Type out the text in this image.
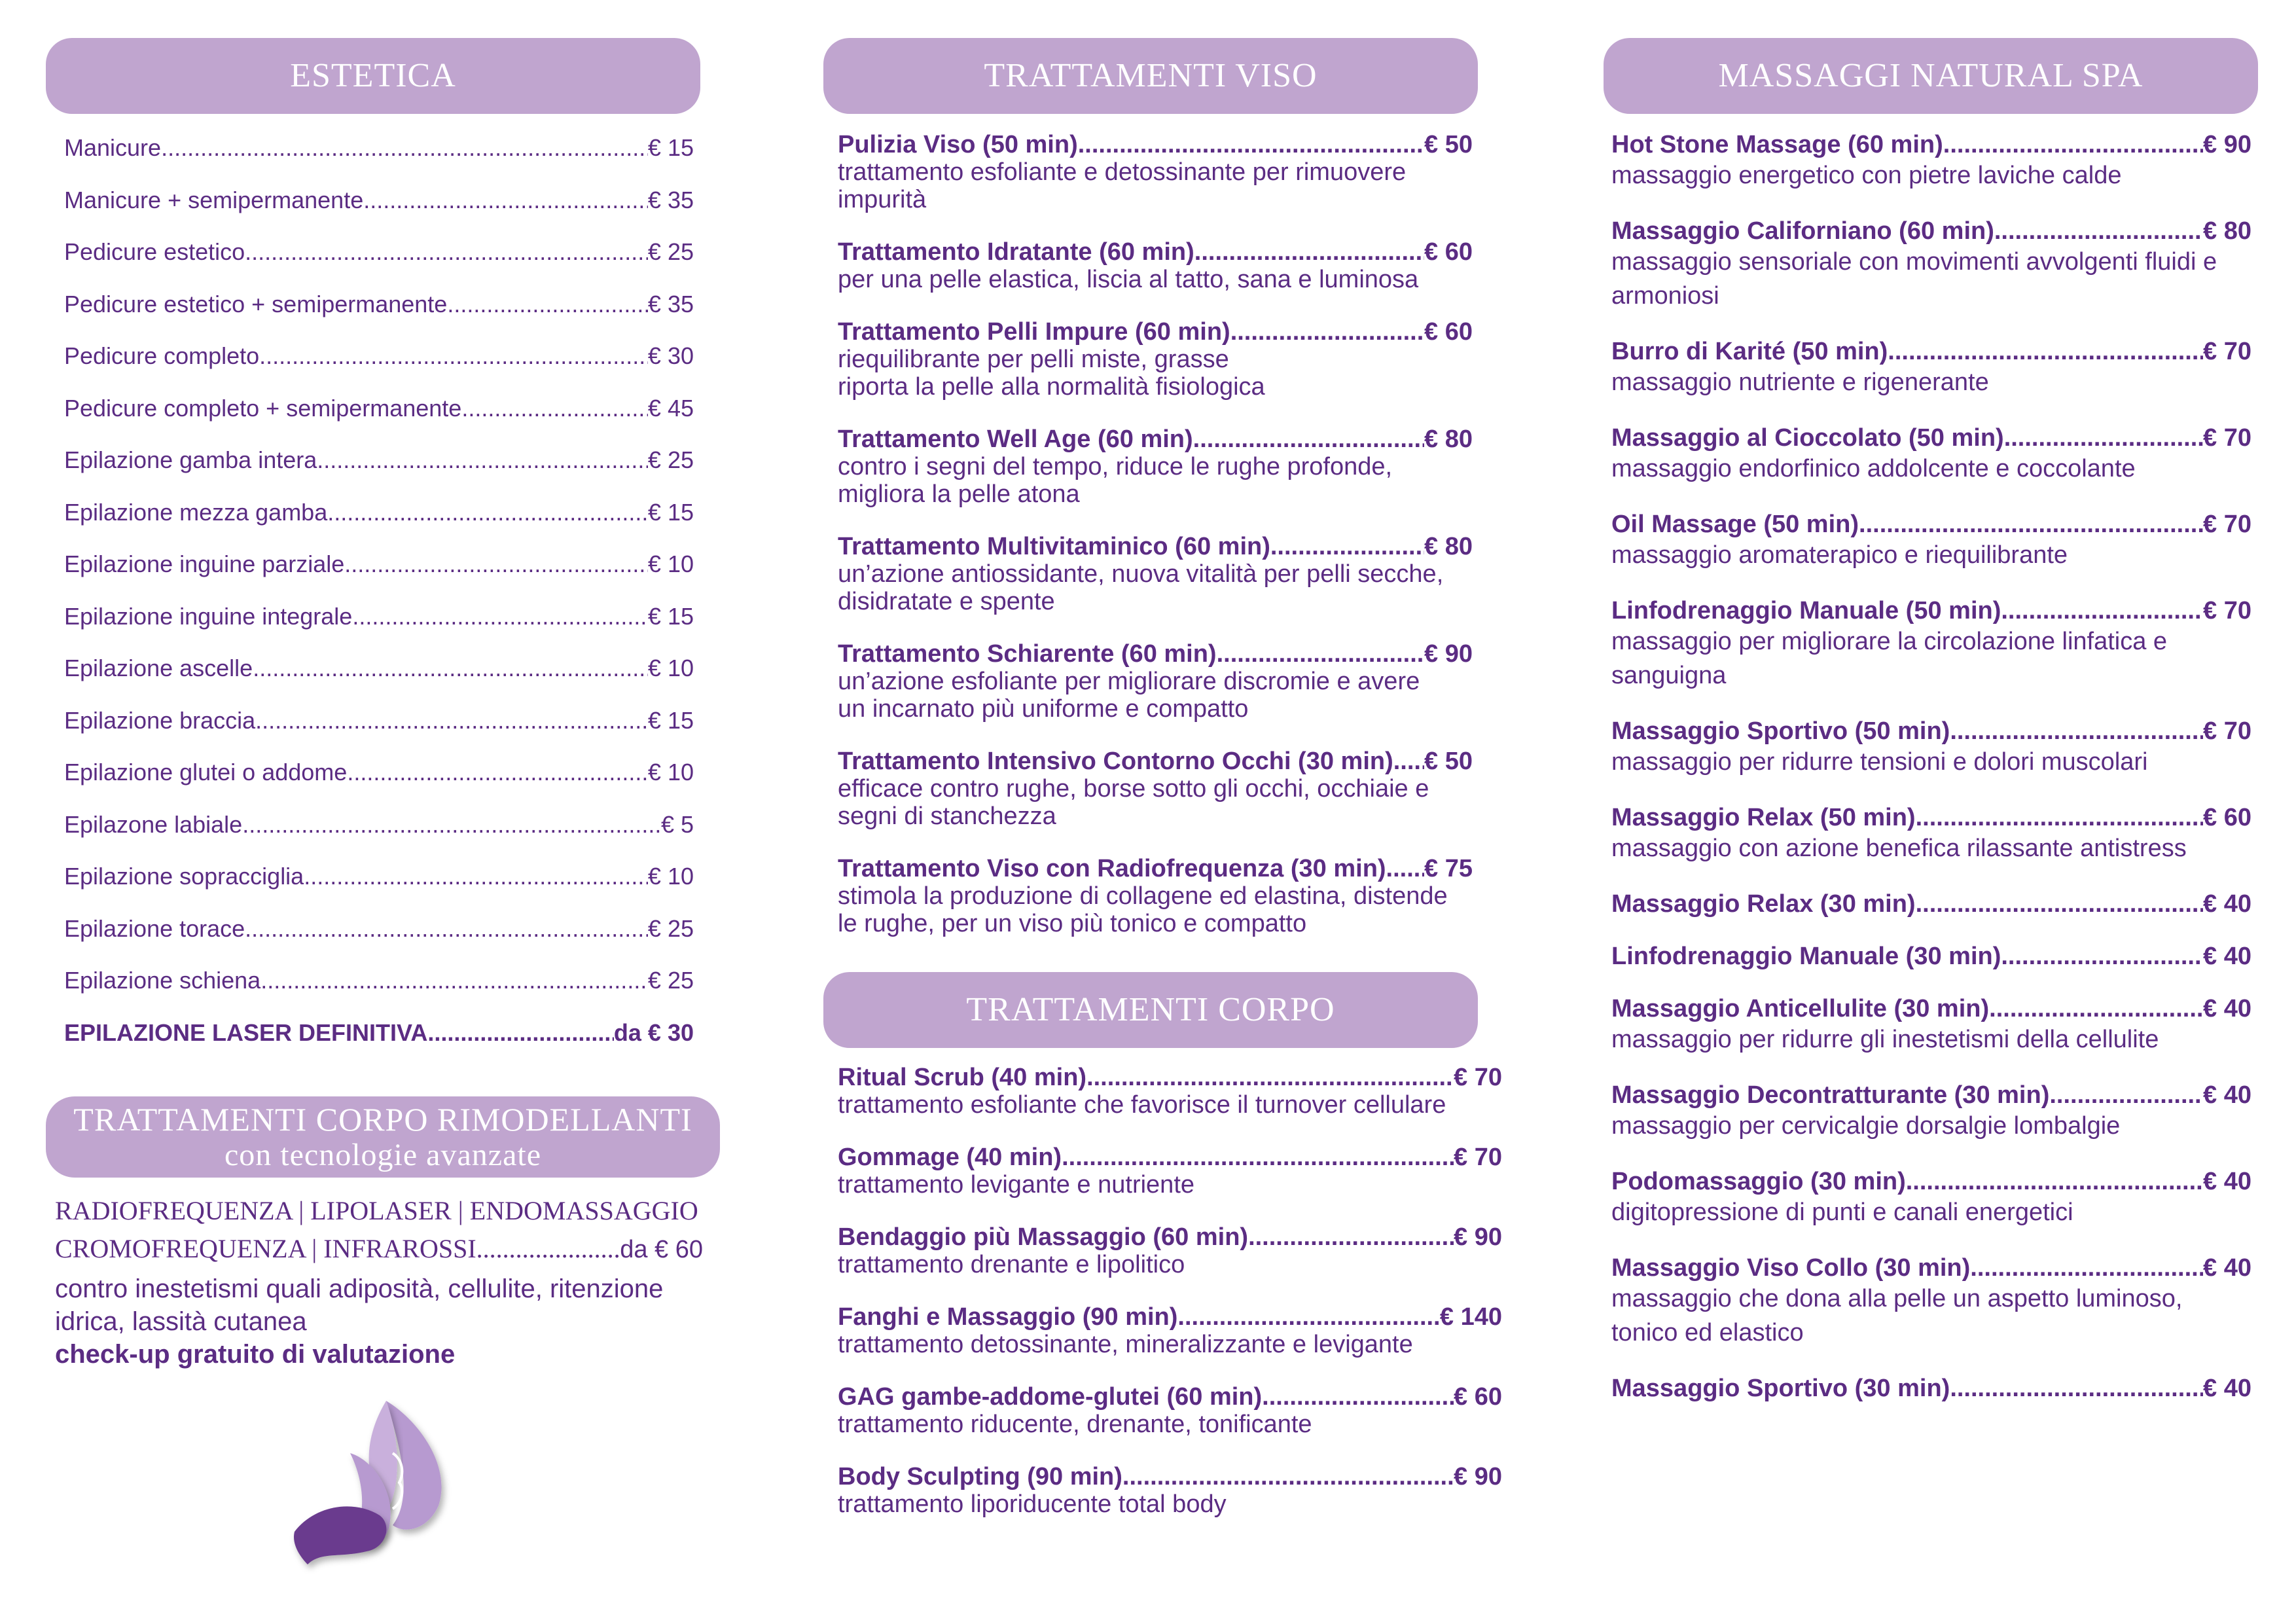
ESTETICA
Manicure .....	€ 15
Manicure + semipermanente .....	€ 35
Pedicure estetico .....	€ 25
Pedicure estetico + semipermanente .....	€ 35
Pedicure completo .....	€ 30
Pedicure completo + semipermanente .....	€ 45
Epilazione gamba intera .....	€ 25
Epilazione mezza gamba .....	€ 15
Epilazione inguine parziale .....	€ 10
Epilazione inguine integrale .....	€ 15
Epilazione ascelle .....	€ 10
Epilazione braccia .....	€ 15
Epilazione glutei o addome .....	€ 10
Epilazone labiale .....	€ 5
Epilazione sopracciglia .....	€ 10
Epilazione torace .....	€ 25
Epilazione schiena .....	€ 25
EPILAZIONE LASER DEFINITIVA .....	da € 30
TRATTAMENTI CORPO RIMODELLANTI
con tecnologie avanzate
RADIOFREQUENZA | LIPOLASER | ENDOMASSAGGIO
CROMOFREQUENZA | INFRAROSSI .....	da € 60
contro inestetismi quali adiposità, cellulite, ritenzione idrica, lassità cutanea
check-up gratuito di valutazione
TRATTAMENTI VISO
Pulizia Viso (50 min) .....	€ 50
trattamento esfoliante e detossinante per rimuovere
impurità
Trattamento Idratante (60 min) .....	€ 60
per una pelle elastica, liscia al tatto, sana e luminosa
Trattamento Pelli Impure (60 min) .....	€ 60
riequilibrante per pelli miste, grasse
riporta la pelle alla normalità fisiologica
Trattamento Well Age (60 min) .....	€ 80
contro i segni del tempo, riduce le rughe profonde,
migliora la pelle atona
Trattamento Multivitaminico (60 min) .....	€ 80
un’azione antiossidante, nuova vitalità per pelli secche,
disidratate e spente
Trattamento Schiarente (60 min) .....	€ 90
un’azione esfoliante per migliorare discromie e avere
un incarnato più uniforme e compatto
Trattamento Intensivo Contorno Occhi (30 min) ..... € 50
efficace contro rughe, borse sotto gli occhi, occhiaie e
segni di stanchezza
Trattamento Viso con Radiofrequenza (30 min). ..... € 75
stimola la produzione di collagene ed elastina, distende
le rughe, per un viso più tonico e compatto
TRATTAMENTI CORPO
Ritual Scrub (40 min) .....	€ 70
trattamento esfoliante che favorisce il turnover cellulare
Gommage (40 min) .....	€ 70
trattamento levigante e nutriente
Bendaggio più Massaggio (60 min) .....	€ 90
trattamento drenante e lipolitico
Fanghi e Massaggio (90 min) .....	€ 140
trattamento detossinante, mineralizzante e levigante
GAG gambe-addome-glutei (60 min) .....	€ 60
trattamento riducente, drenante, tonificante
Body Sculpting (90 min) .....	€ 90
trattamento liporiducente total body
MASSAGGI NATURAL SPA
Hot Stone Massage (60 min) .....	€ 90
massaggio energetico con pietre laviche calde
Massaggio Californiano (60 min) .....	€ 80
massaggio sensoriale con movimenti avvolgenti fluidi e
armoniosi
Burro di Karité (50 min) .....	€ 70
massaggio nutriente e rigenerante
Massaggio al Cioccolato (50 min) .....	€ 70
massaggio endorfinico addolcente e coccolante
Oil Massage (50 min) .....	€ 70
massaggio aromaterapico e riequilibrante
Linfodrenaggio Manuale (50 min) .....	€ 70
massaggio per migliorare la circolazione linfatica e
sanguigna
Massaggio Sportivo (50 min) .....	€ 70
massaggio per ridurre tensioni e dolori muscolari
Massaggio Relax (50 min) .....	€ 60
massaggio con azione benefica rilassante antistress
Massaggio Relax (30 min) .....	€ 40
Linfodrenaggio Manuale (30 min) .....	€ 40
Massaggio Anticellulite (30 min) .....	€ 40
massaggio per ridurre gli inestetismi della cellulite
Massaggio Decontratturante (30 min) .....	€ 40
massaggio per cervicalgie dorsalgie lombalgie
Podomassaggio (30 min) .....	€ 40
digitopressione di punti e canali energetici
Massaggio Viso Collo (30 min) .....	€ 40
massaggio che dona alla pelle un aspetto luminoso,
tonico ed elastico
Massaggio Sportivo (30 min) .....	€ 40
